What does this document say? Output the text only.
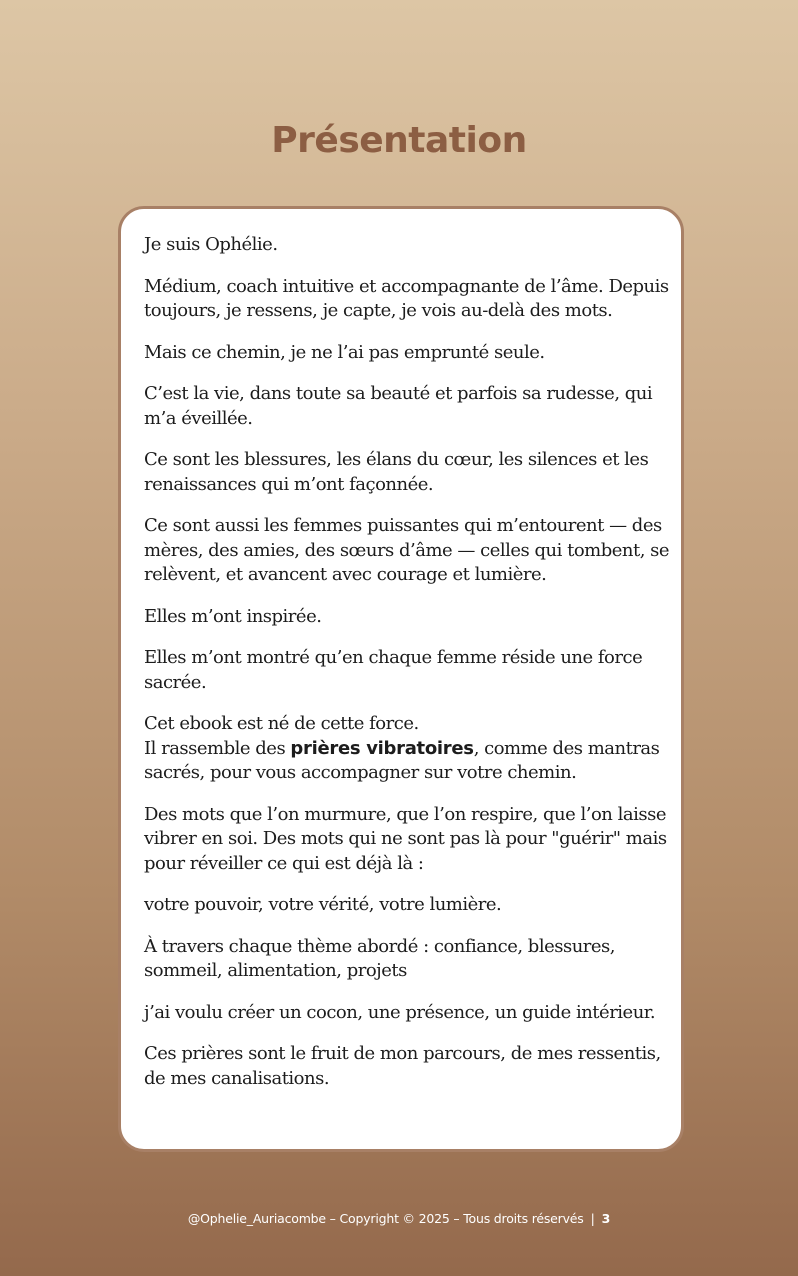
Présentation

Je suis Ophélie.

Médium, coach intuitive et accompagnante de l’âme. Depuis toujours, je ressens, je capte, je vois au-delà des mots.

Mais ce chemin, je ne l’ai pas emprunté seule.

C’est la vie, dans toute sa beauté et parfois sa rudesse, qui m’a éveillée.

Ce sont les blessures, les élans du cœur, les silences et les renaissances qui m’ont façonnée.

Ce sont aussi les femmes puissantes qui m’entourent — des mères, des amies, des sœurs d’âme — celles qui tombent, se relèvent, et avancent avec courage et lumière.

Elles m’ont inspirée.

Elles m’ont montré qu’en chaque femme réside une force sacrée.

Cet ebook est né de cette force.
Il rassemble des prières vibratoires, comme des mantras sacrés, pour vous accompagner sur votre chemin.

Des mots que l’on murmure, que l’on respire, que l’on laisse vibrer en soi. Des mots qui ne sont pas là pour "guérir" mais pour réveiller ce qui est déjà là :

votre pouvoir, votre vérité, votre lumière.

À travers chaque thème abordé : confiance, blessures, sommeil, alimentation, projets

j’ai voulu créer un cocon, une présence, un guide intérieur.

Ces prières sont le fruit de mon parcours, de mes ressentis, de mes canalisations.

@Ophelie_Auriacombe – Copyright © 2025 – Tous droits réservés | 3
